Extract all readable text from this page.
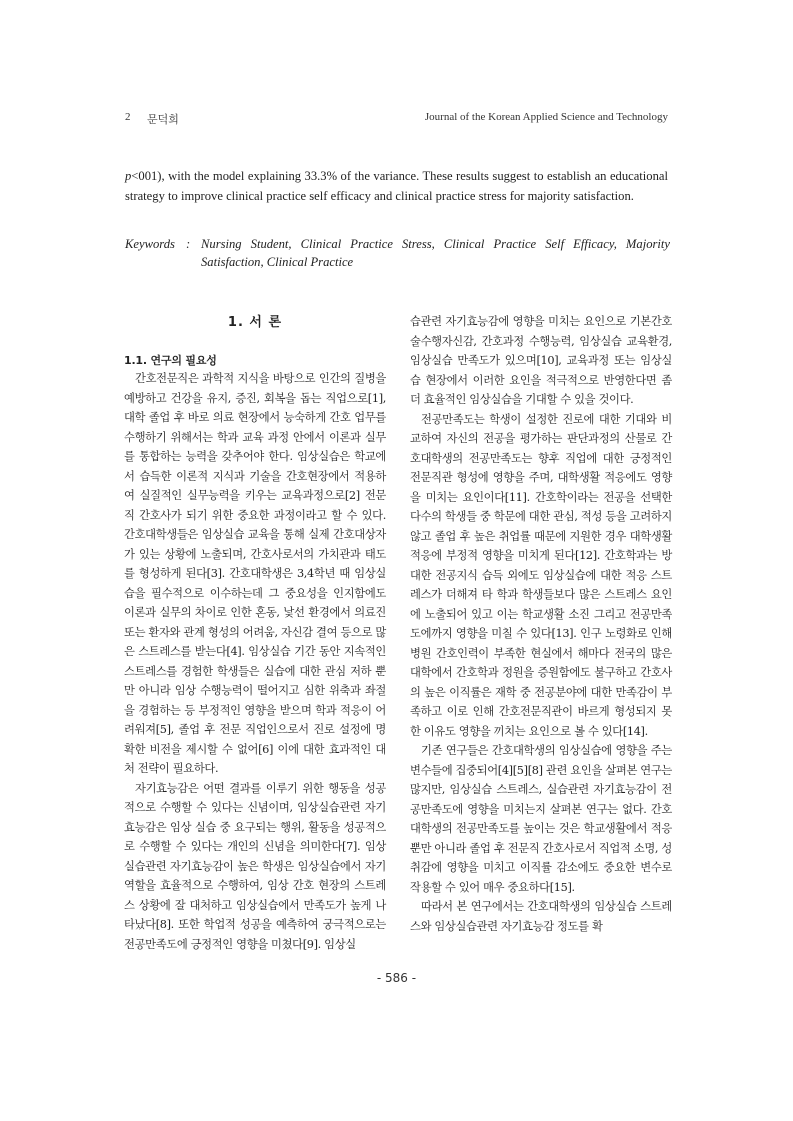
2 문덕희	Journal of the Korean Applied Science and Technology

p<001), with the model explaining 33.3% of the variance. These results suggest to establish an educational strategy to improve clinical practice self efficacy and clinical practice stress for majority satisfaction.

Keywords : Nursing Student, Clinical Practice Stress, Clinical Practice Self Efficacy, Majority
Satisfaction, Clinical Practice
1. 서 론
1.1. 연구의 필요성

간호전문직은 과학적 지식을 바탕으로 인간의 질병을 예방하고 건강을 유지, 증진, 회복을 돕는 직업으로[1], 대학 졸업 후 바로 의료 현장에서 능숙하게 간호 업무를 수행하기 위해서는 학과 교육 과정 안에서 이론과 실무를 통합하는 능력을 갖추어야 한다. 임상실습은 학교에서 습득한 이론적 지식과 기술을 간호현장에서 적용하여 실질적인 실무능력을 키우는 교육과정으로[2] 전문직 간호사가 되기 위한 중요한 과정이라고 할 수 있다. 간호대학생들은 임상실습 교육을 통해 실제 간호대상자가 있는 상황에 노출되며, 간호사로서의 가치관과 태도를 형성하게 된다[3]. 간호대학생은 3,4학년 때 임상실습을 필수적으로 이수하는데 그 중요성을 인지함에도 이론과 실무의 차이로 인한 혼동, 낯선 환경에서 의료진 또는 환자와 관계 형성의 어려움, 자신감 결여 등으로 많은 스트레스를 받는다[4]. 임상실습 기간 동안 지속적인 스트레스를 경험한 학생들은 실습에 대한 관심 저하 뿐만 아니라 임상 수행능력이 떨어지고 심한 위축과 좌절을 경험하는 등 부정적인 영향을 받으며 학과 적응이 어려워져[5], 졸업 후 전문 직업인으로서 진로 설정에 명확한 비전을 제시할 수 없어[6] 이에 대한 효과적인 대처 전략이 필요하다.

자기효능감은 어떤 결과를 이루기 위한 행동을 성공적으로 수행할 수 있다는 신념이며, 임상실습관련 자기효능감은 임상 실습 중 요구되는 행위, 활동을 성공적으로 수행할 수 있다는 개인의 신념을 의미한다[7]. 임상실습관련 자기효능감이 높은 학생은 임상실습에서 자기 역할을 효율적으로 수행하여, 임상 간호 현장의 스트레스 상황에 잘 대처하고 임상실습에서 만족도가 높게 나타났다[8]. 또한 학업적 성공을 예측하여 궁극적으로는 전공만족도에 긍정적인 영향을 미쳤다[9]. 임상실

습관련 자기효능감에 영향을 미치는 요인으로 기본간호술수행자신감, 간호과정 수행능력, 임상실습 교육환경, 임상실습 만족도가 있으며[10], 교육과정 또는 임상실습 현장에서 이러한 요인을 적극적으로 반영한다면 좀 더 효율적인 임상실습을 기대할 수 있을 것이다.

전공만족도는 학생이 설정한 진로에 대한 기대와 비교하여 자신의 전공을 평가하는 판단과정의 산물로 간호대학생의 전공만족도는 향후 직업에 대한 긍정적인 전문직관 형성에 영향을 주며, 대학생활 적응에도 영향을 미치는 요인이다[11]. 간호학이라는 전공을 선택한 다수의 학생들 중 학문에 대한 관심, 적성 등을 고려하지 않고 졸업 후 높은 취업률 때문에 지원한 경우 대학생활 적응에 부정적 영향을 미치게 된다[12]. 간호학과는 방대한 전공지식 습득 외에도 임상실습에 대한 적응 스트레스가 더해져 타 학과 학생들보다 많은 스트레스 요인에 노출되어 있고 이는 학교생활 소진 그리고 전공만족도에까지 영향을 미칠 수 있다[13]. 인구 노령화로 인해 병원 간호인력이 부족한 현실에서 해마다 전국의 많은 대학에서 간호학과 정원을 증원함에도 불구하고 간호사의 높은 이직률은 재학 중 전공분야에 대한 만족감이 부족하고 이로 인해 간호전문직관이 바르게 형성되지 못한 이유도 영향을 끼치는 요인으로 볼 수 있다[14].

기존 연구들은 간호대학생의 임상실습에 영향을 주는 변수들에 집중되어[4][5][8] 관련 요인을 살펴본 연구는 많지만, 임상실습 스트레스, 실습관련 자기효능감이 전공만족도에 영향을 미치는지 살펴본 연구는 없다. 간호대학생의 전공만족도를 높이는 것은 학교생활에서 적응뿐만 아니라 졸업 후 전문직 간호사로서 직업적 소명, 성취감에 영향을 미치고 이직률 감소에도 중요한 변수로 작용할 수 있어 매우 중요하다[15].

따라서 본 연구에서는 간호대학생의 임상실습 스트레스와 임상실습관련 자기효능감 정도를 확

- 586 -
